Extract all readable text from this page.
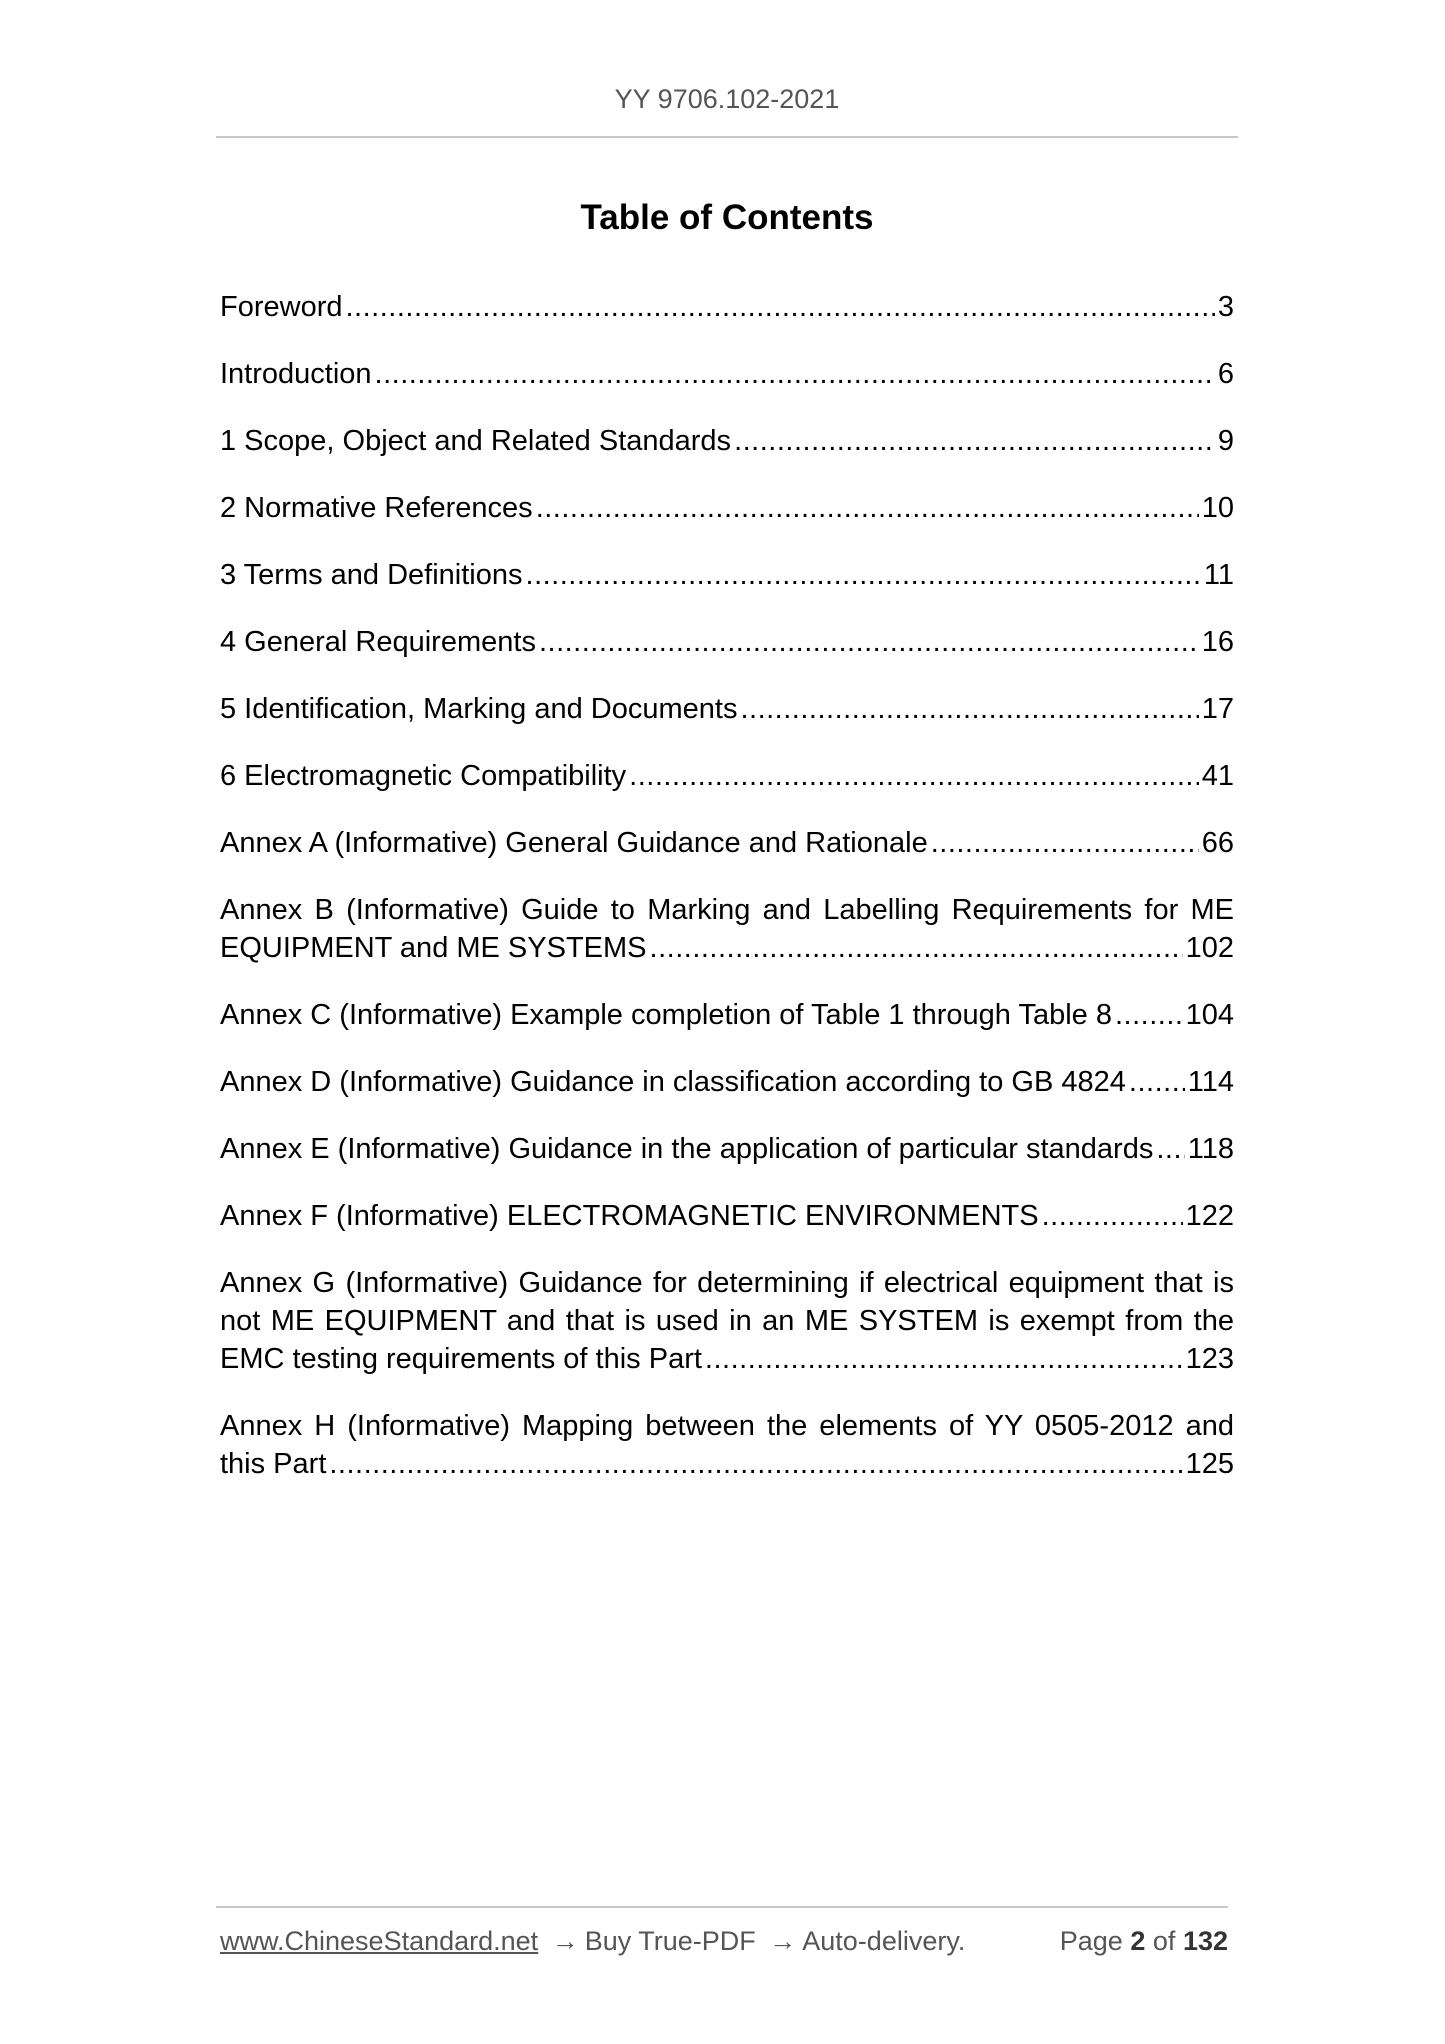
YY 9706.102-2021
Table of Contents
Foreword .....	3
Introduction .....	6
1 Scope, Object and Related Standards .....	9
2 Normative References .....	10
3 Terms and Definitions .....	11
4 General Requirements .....	16
5 Identification, Marking and Documents .....	17
6 Electromagnetic Compatibility .....	41
Annex A (Informative) General Guidance and Rationale .....	66
Annex B (Informative) Guide to Marking and Labelling Requirements for ME
EQUIPMENT and ME SYSTEMS .....	102
Annex C (Informative) Example completion of Table 1 through Table 8 .....	104
Annex D (Informative) Guidance in classification according to GB 4824 ..... 114
Annex E (Informative) Guidance in the application of particular standards ..... 118
Annex F (Informative) ELECTROMAGNETIC ENVIRONMENTS .....	122
Annex G (Informative) Guidance for determining if electrical equipment that is
not ME EQUIPMENT and that is used in an ME SYSTEM is exempt from the
EMC testing requirements of this Part .....	123
Annex H (Informative) Mapping between the elements of YY 0505-2012 and
this Part .....	125
www.ChineseStandard.net → Buy True-PDF → Auto-delivery.	Page 2 of 132
